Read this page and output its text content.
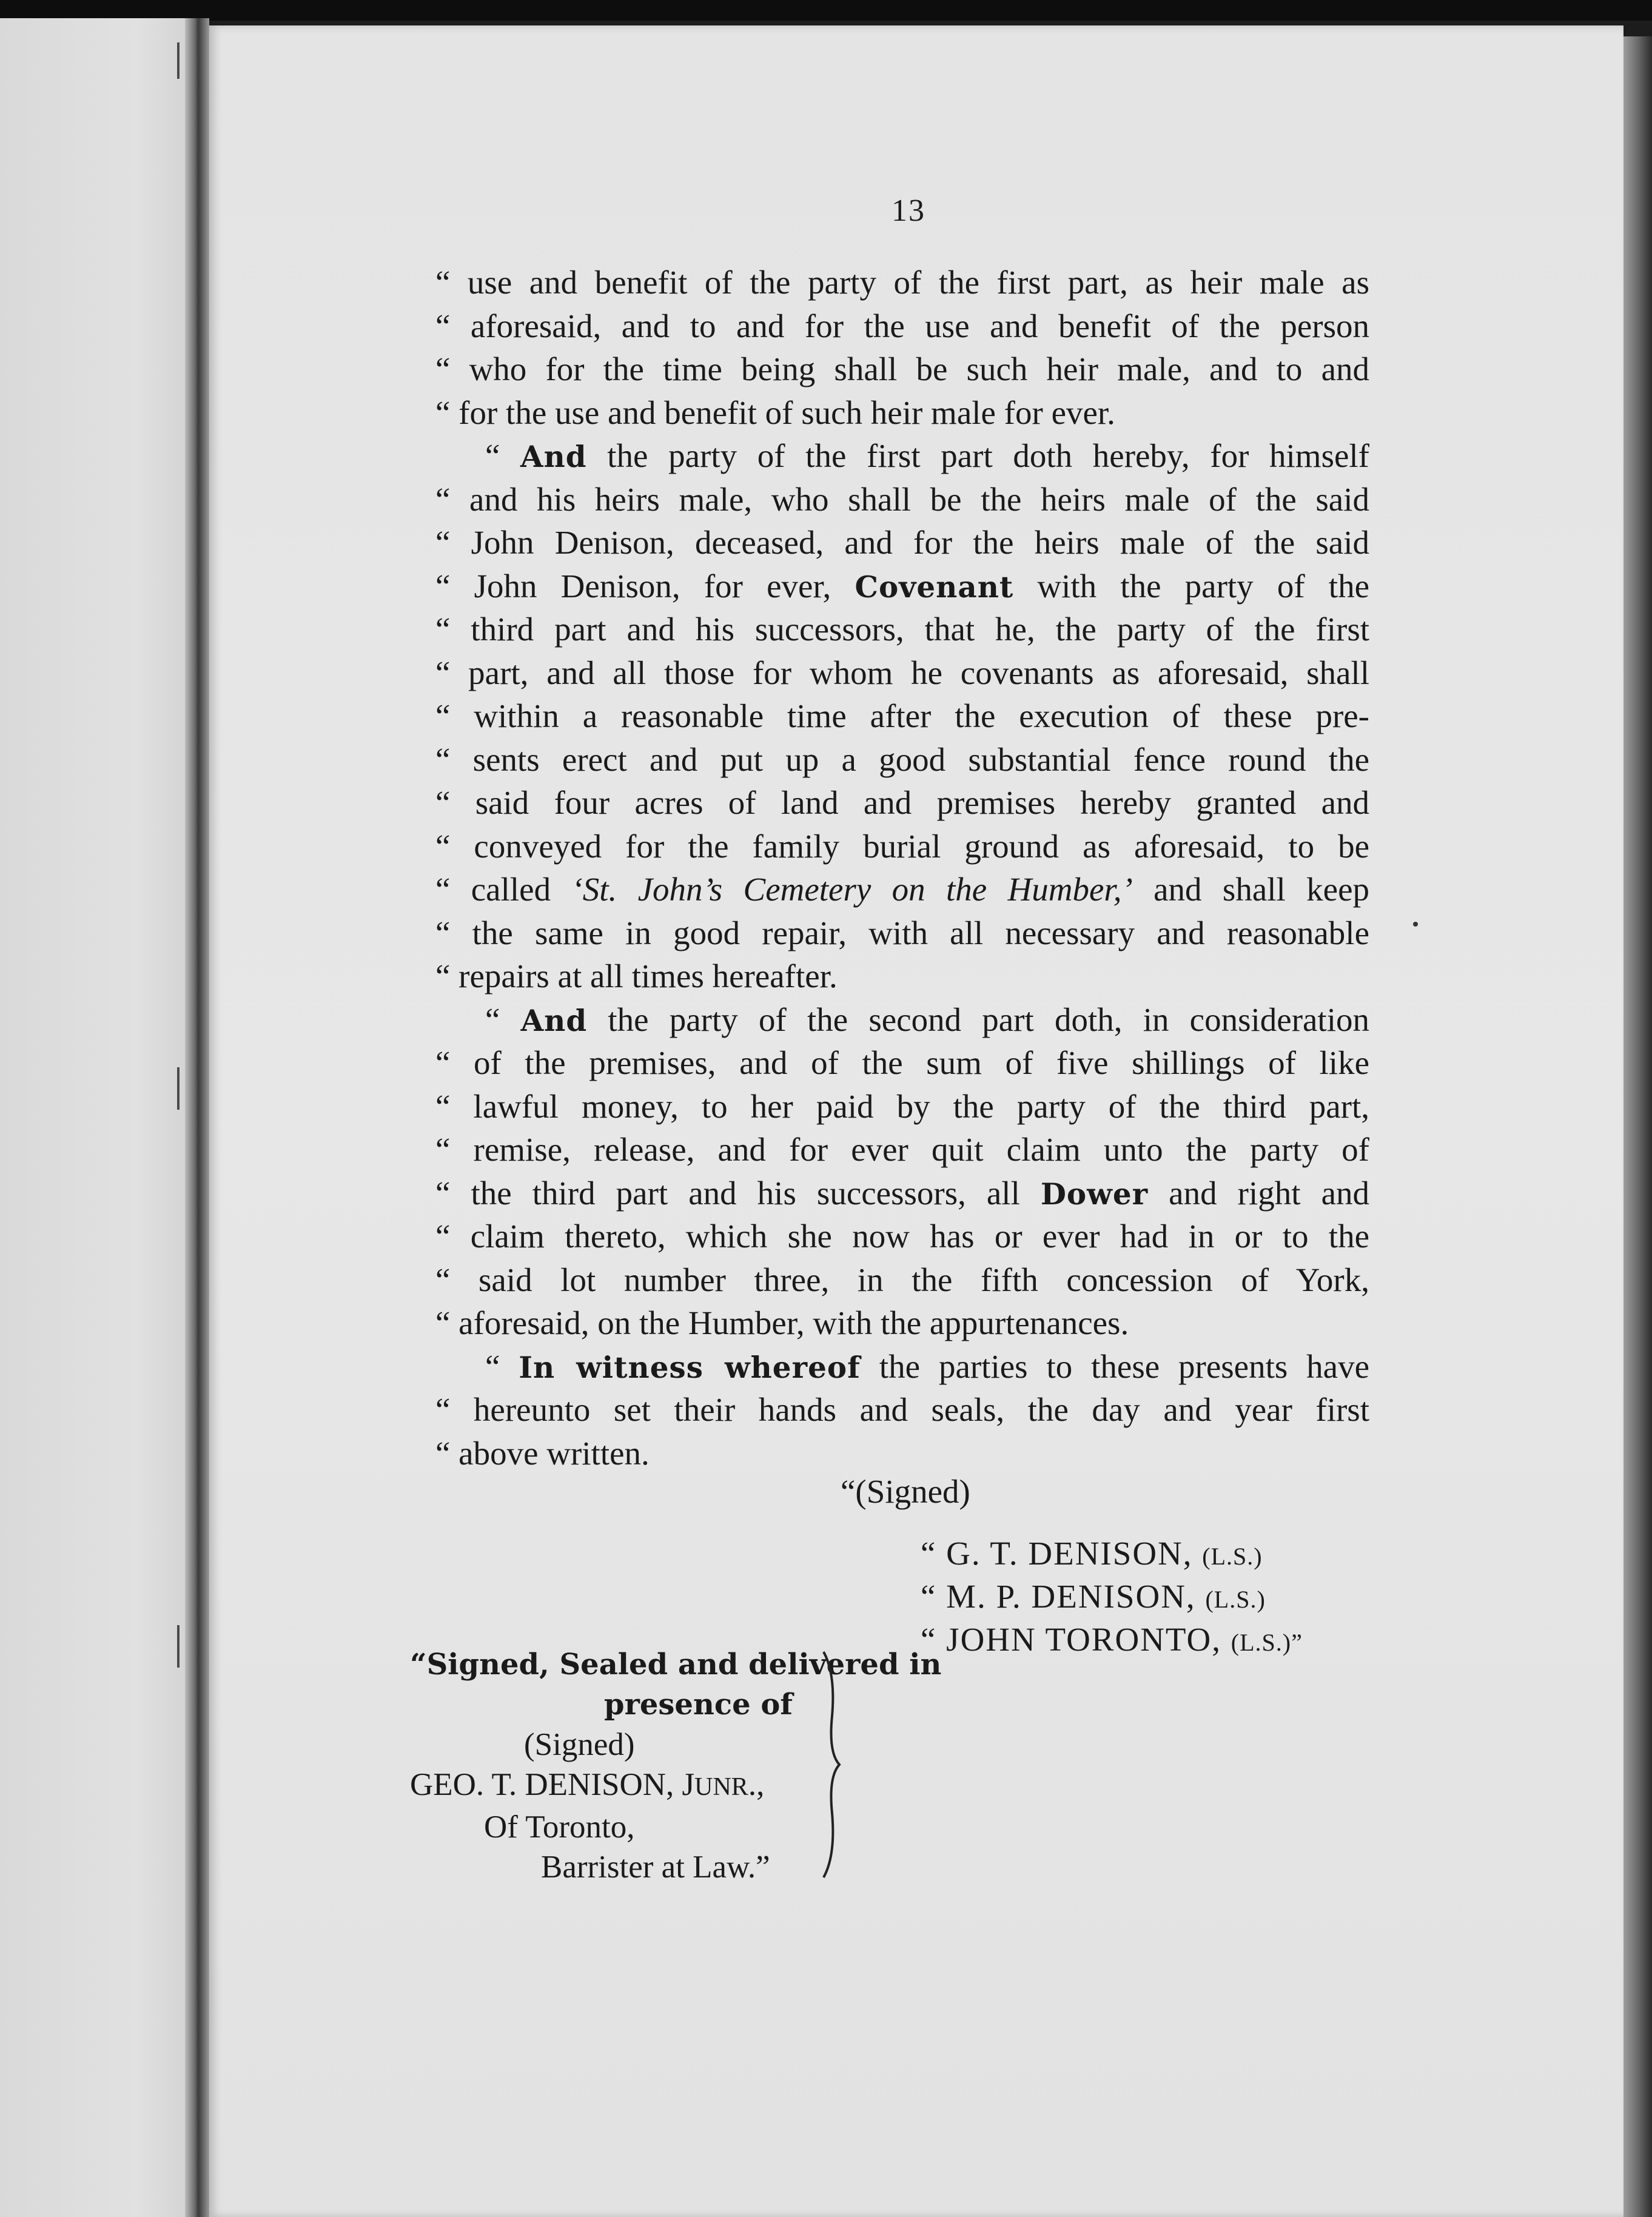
13
“ use and benefit of the party of the first part, as heir male as
“ aforesaid, and to and for the use and benefit of the person
“ who for the time being shall be such heir male, and to and
“ for the use and benefit of such heir male for ever.
“ And the party of the first part doth hereby, for himself
“ and his heirs male, who shall be the heirs male of the said
“ John Denison, deceased, and for the heirs male of the said
“ John Denison, for ever, Covenant with the party of the
“ third part and his successors, that he, the party of the first
“ part, and all those for whom he covenants as aforesaid, shall
“ within a reasonable time after the execution of these pre-
“ sents erect and put up a good substantial fence round the
“ said four acres of land and premises hereby granted and
“ conveyed for the family burial ground as aforesaid, to be
“ called ‘St. John’s Cemetery on the Humber,’ and shall keep
“ the same in good repair, with all necessary and reasonable
“ repairs at all times hereafter.
“ And the party of the second part doth, in consideration
“ of the premises, and of the sum of five shillings of like
“ lawful money, to her paid by the party of the third part,
“ remise, release, and for ever quit claim unto the party of
“ the third part and his successors, all Dower and right and
“ claim thereto, which she now has or ever had in or to the
“ said lot number three, in the fifth concession of York,
“ aforesaid, on the Humber, with the appurtenances.
“ In witness whereof the parties to these presents have
“ hereunto set their hands and seals, the day and year first
“ above written.
“(Signed)
“ G. T. DENISON, (L.S.)
“ M. P. DENISON, (L.S.)
“ JOHN TORONTO, (L.S.)”
“Signed, Sealed and delivered in
presence of
(Signed)
GEO. T. DENISON, JUNR.,
Of Toronto,
Barrister at Law.”
